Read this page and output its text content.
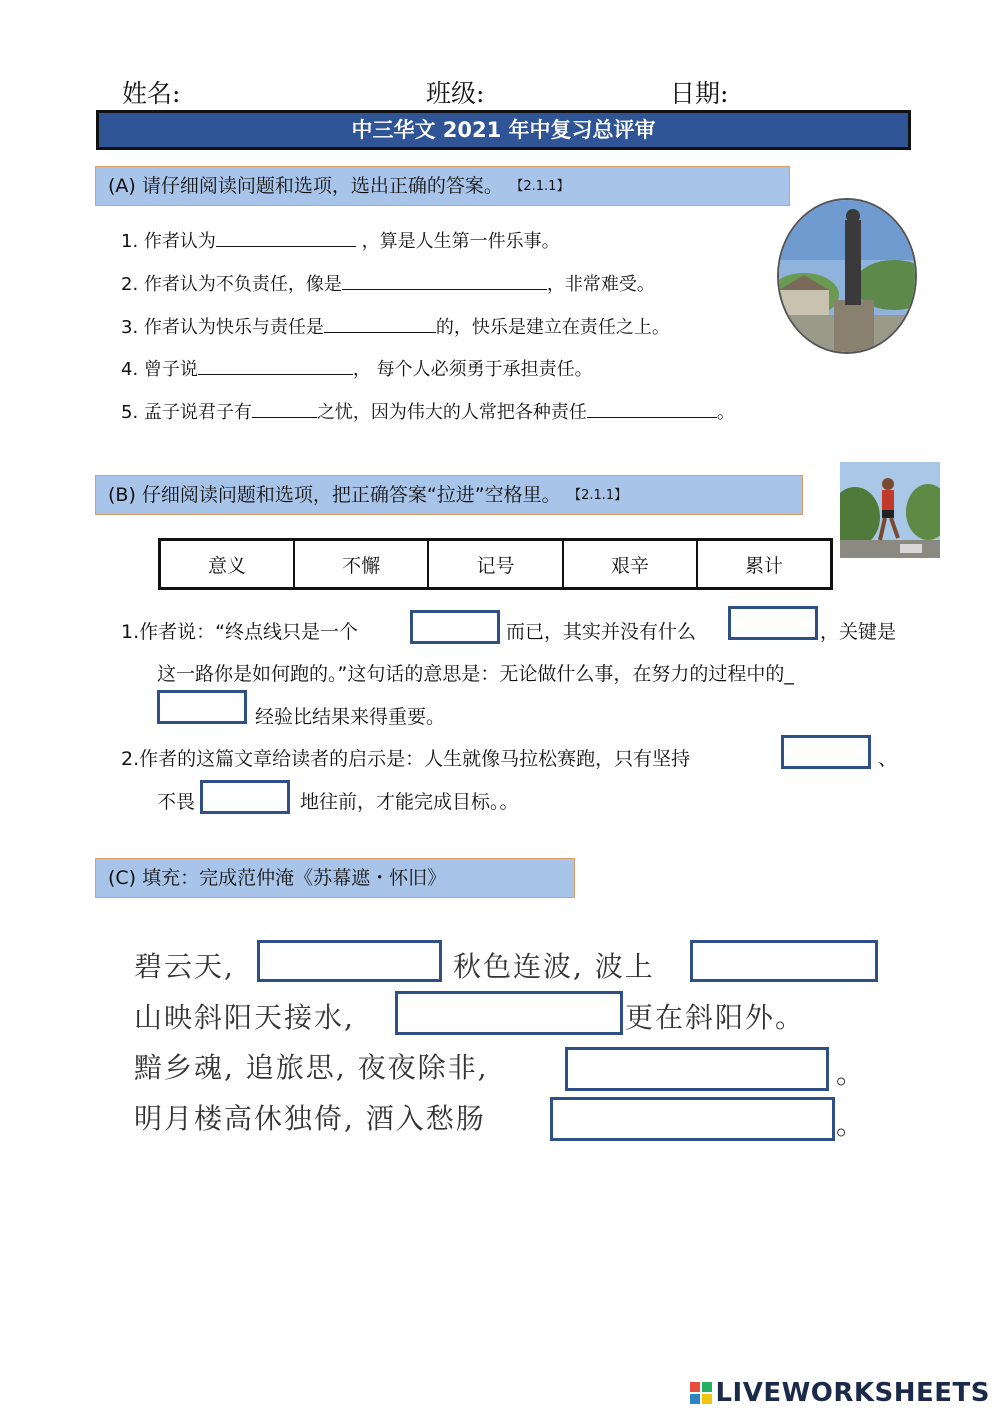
姓名:	班级:	日期:
中三华文 2021 年中复习总评审
(A) 请仔细阅读问题和选项，选出正确的答案。 【2.1.1】
1. 作者认为	，算是人生第一件乐事。
2. 作者认为不负责任，像是	，非常难受。
3. 作者认为快乐与责任是	的，快乐是建立在责任之上。
4. 曾子说	， 每个人必须勇于承担责任。
5. 孟子说君子有	之忧，因为伟大的人常把各种责任	。
(B) 仔细阅读问题和选项，把正确答案“拉进”空格里。 【2.1.1】
意义	不懈	记号	艰辛	累计
1.作者说：“终点线只是一个	而已，其实并没有什么	，关键是
这一路你是如何跑的。”这句话的意思是：无论做什么事，在努力的过程中的_
经验比结果来得重要。
2.作者的这篇文章给读者的启示是：人生就像马拉松赛跑，只有坚持	、
不畏	地往前，才能完成目标。。
(C) 填充：完成范仲淹《苏幕遮・怀旧》
碧云天,	秋色连波, 波上
山映斜阳天接水,	更在斜阳外。
黯乡魂, 追旅思, 夜夜除非,	。
明月楼高休独倚, 酒入愁肠	。
LIVEWORKSHEETS
